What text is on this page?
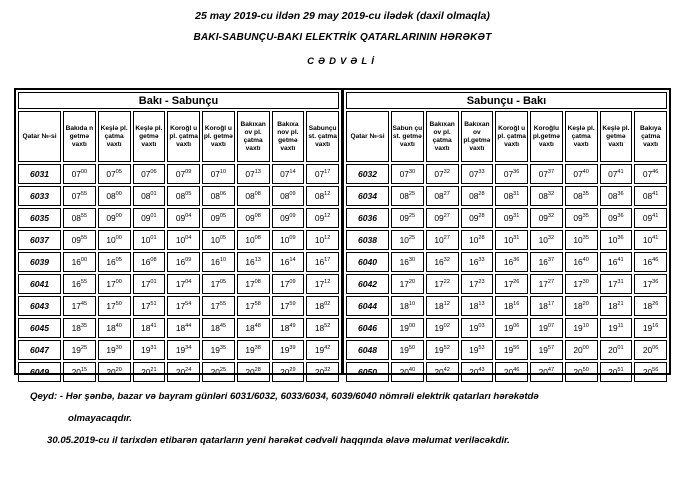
25 may 2019-cu ildən 29 may 2019-cu ilədək (daxil olmaqla)
BAKI-SABUNÇU-BAKI ELEKTRİK QATARLARININ HƏRƏKƏT
CƏDVƏLİ
Bakı - Sabunçu								
Qatar №-si	Bakıda n getmə vaxtı	Keşlə pl. çatma vaxtı	Keşlə pl. getmə vaxtı	Koroğl u pl. çatma vaxtı	Koroğl u pl. getmə vaxtı	Bakıxan ov pl. çatma vaxtı	Bakıxa nov pl. getmə vaxtı	Sabunçu st. çatma vaxtı
6031	$07^{00}$	$07^{05}$	$07^{06}$	$07^{09}$	$07^{10}$	$07^{13}$	$07^{14}$	$07^{17}$
6033	$07^{55}$	$08^{00}$	$08^{01}$	$08^{05}$	$08^{06}$	$08^{08}$	$08^{09}$	$08^{12}$
6035	$08^{55}$	$09^{00}$	$09^{01}$	$09^{04}$	$09^{05}$	$09^{08}$	$09^{09}$	$09^{12}$
6037	$09^{55}$	$10^{00}$	$10^{01}$	$10^{04}$	$10^{05}$	$10^{08}$	$10^{09}$	$10^{12}$
6039	$16^{00}$	$16^{05}$	$16^{08}$	$16^{09}$	$16^{10}$	$16^{13}$	$16^{14}$	$16^{17}$
6041	$16^{55}$	$17^{00}$	$17^{01}$	$17^{04}$	$17^{05}$	$17^{08}$	$17^{09}$	$17^{12}$
6043	$17^{45}$	$17^{50}$	$17^{51}$	$17^{54}$	$17^{55}$	$17^{58}$	$17^{59}$	$18^{02}$
6045	$18^{35}$	$18^{40}$	$18^{41}$	$18^{44}$	$18^{45}$	$18^{48}$	$18^{49}$	$18^{52}$
6047	$19^{25}$	$19^{30}$	$19^{31}$	$19^{34}$	$19^{35}$	$19^{38}$	$19^{39}$	$19^{42}$
6049	$20^{15}$	$20^{20}$	$20^{21}$	$20^{24}$	$20^{25}$	$20^{28}$	$20^{29}$	$20^{32}$
Sabunçu - Bakı								
Qatar №-si	Sabun çu st. getmə vaxtı	Bakıxan ov pl. çatma vaxtı	Bakıxan ov pl.getmə vaxtı	Koroğl u pl. çatma vaxtı	Koroğlu pl.getmə vaxtı	Keşlə pl. çatma vaxtı	Keşlə pl. getmə vaxtı	Bakıya çatma vaxtı
6032	$07^{30}$	$07^{32}$	$07^{33}$	$07^{36}$	$07^{37}$	$07^{40}$	$07^{41}$	$07^{46}$
6034	$08^{25}$	$08^{27}$	$08^{28}$	$08^{31}$	$08^{32}$	$08^{35}$	$08^{36}$	$08^{41}$
6036	$09^{25}$	$09^{27}$	$09^{28}$	$09^{31}$	$09^{32}$	$09^{35}$	$09^{36}$	$09^{41}$
6038	$10^{25}$	$10^{27}$	$10^{28}$	$10^{31}$	$10^{32}$	$10^{35}$	$10^{36}$	$10^{41}$
6040	$16^{30}$	$16^{32}$	$16^{33}$	$16^{36}$	$16^{37}$	$16^{40}$	$16^{41}$	$16^{46}$
6042	$17^{20}$	$17^{22}$	$17^{23}$	$17^{26}$	$17^{27}$	$17^{30}$	$17^{31}$	$17^{36}$
6044	$18^{10}$	$18^{12}$	$18^{13}$	$18^{16}$	$18^{17}$	$18^{20}$	$18^{21}$	$18^{26}$
6046	$19^{00}$	$19^{02}$	$19^{03}$	$19^{06}$	$19^{07}$	$19^{10}$	$19^{11}$	$19^{16}$
6048	$19^{50}$	$19^{52}$	$19^{53}$	$19^{56}$	$19^{57}$	$20^{00}$	$20^{01}$	$20^{06}$
6050	$20^{40}$	$20^{42}$	$20^{43}$	$20^{46}$	$20^{47}$	$20^{50}$	$20^{51}$	$20^{56}$
Qeyd: - Hər şənbə, bazar və bayram günləri 6031/6032, 6033/6034, 6039/6040 nömrəli elektrik qatarları hərəkətdə
olmayacaqdır.
30.05.2019-cu il tarixdən etibarən qatarların yeni hərəkət cədvəli haqqında əlavə məlumat veriləcəkdir.
